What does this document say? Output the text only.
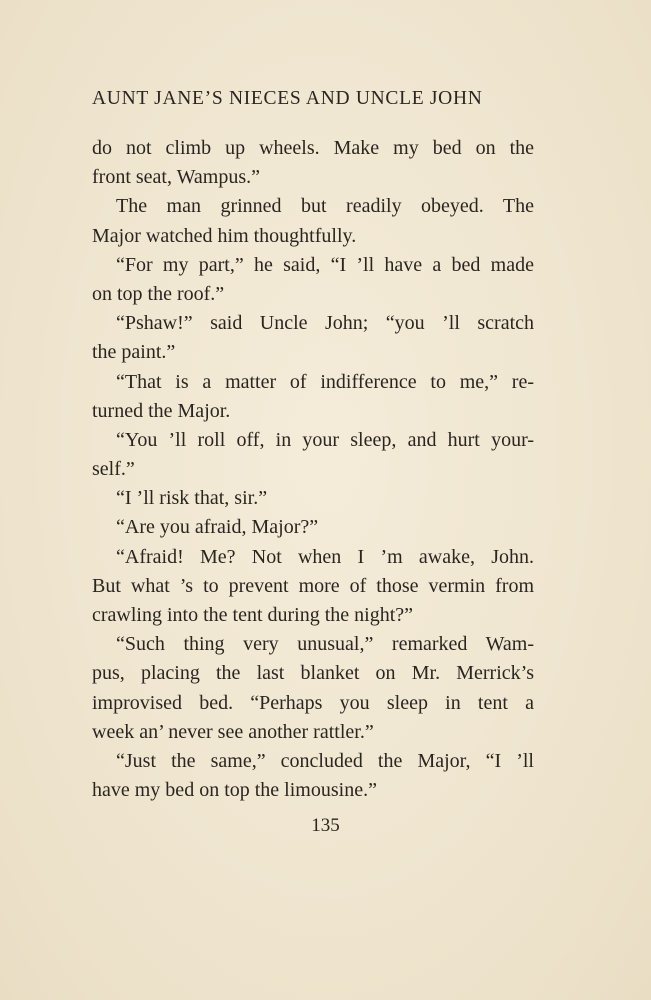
AUNT JANE’S NIECES AND UNCLE JOHN
do not climb up wheels. Make my bed on the
front seat, Wampus.”
The man grinned but readily obeyed. The
Major watched him thoughtfully.
“For my part,” he said, “I ’ll have a bed made
on top the roof.”
“Pshaw!” said Uncle John; “you ’ll scratch
the paint.”
“That is a matter of indifference to me,” re-
turned the Major.
“You ’ll roll off, in your sleep, and hurt your-
self.”
“I ’ll risk that, sir.”
“Are you afraid, Major?”
“Afraid! Me? Not when I ’m awake, John.
But what ’s to prevent more of those vermin from
crawling into the tent during the night?”
“Such thing very unusual,” remarked Wam-
pus, placing the last blanket on Mr. Merrick’s
improvised bed. “Perhaps you sleep in tent a
week an’ never see another rattler.”
“Just the same,” concluded the Major, “I ’ll
have my bed on top the limousine.”
135
